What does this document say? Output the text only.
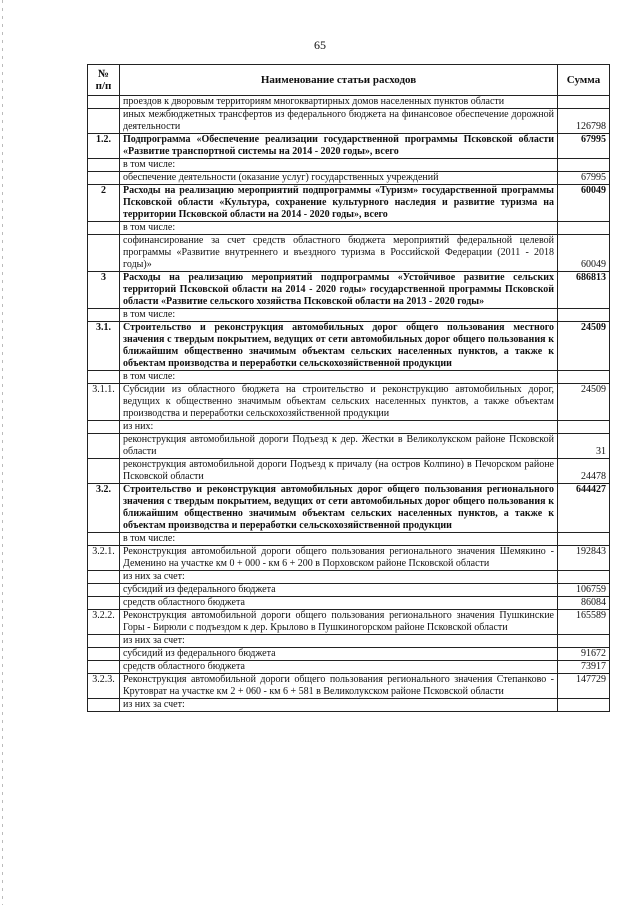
65
№
п/п	Наименование статьи расходов	Сумма
	проездов к дворовым территориям многоквартирных домов населенных пунктов области	
	иных межбюджетных трансфертов из федерального бюджета на финансовое обеспечение дорожной деятельности	126798
1.2.	Подпрограмма «Обеспечение реализации государственной программы Псковской области «Развитие транспортной системы на 2014 - 2020 годы», всего	67995
	в том числе:	
	обеспечение деятельности (оказание услуг) государственных учреждений	67995
2	Расходы на реализацию мероприятий подпрограммы «Туризм» государственной программы Псковской области «Культура, сохранение культурного наследия и развитие туризма на территории Псковской области на 2014 - 2020 годы», всего	60049
	в том числе:	
	софинансирование за счет средств областного бюджета мероприятий федеральной целевой программы «Развитие внутреннего и въездного туризма в Российской Федерации (2011 - 2018 годы)»	60049
3	Расходы на реализацию мероприятий подпрограммы «Устойчивое развитие сельских территорий Псковской области на 2014 - 2020 годы» государственной программы Псковской области «Развитие сельского хозяйства Псковской области на 2013 - 2020 годы»	686813
	в том числе:	
3.1.	Строительство и реконструкция автомобильных дорог общего пользования местного значения с твердым покрытием, ведущих от сети автомобильных дорог общего пользования к ближайшим общественно значимым объектам сельских населенных пунктов, а также к объектам производства и переработки сельскохозяйственной продукции	24509
	в том числе:	
3.1.1.	Субсидии из областного бюджета на строительство и реконструкцию автомобильных дорог, ведущих к общественно значимым объектам сельских населенных пунктов, а также объектам производства и переработки сельскохозяйственной продукции	24509
	из них:	
	реконструкция автомобильной дороги Подъезд к дер. Жестки в Великолукском районе Псковской области	31
	реконструкция автомобильной дороги Подъезд к причалу (на остров Колпино) в Печорском районе Псковской области	24478
3.2.	Строительство и реконструкция автомобильных дорог общего пользования регионального значения с твердым покрытием, ведущих от сети автомобильных дорог общего пользования к ближайшим общественно значимым объектам сельских населенных пунктов, а также к объектам производства и переработки сельскохозяйственной продукции	644427
	в том числе:	
3.2.1.	Реконструкция автомобильной дороги общего пользования регионального значения Шемякино - Деменино на участке км 0 + 000 - км 6 + 200 в Порховском районе Псковской области	192843
	из них за счет:	
	субсидий из федерального бюджета	106759
	средств областного бюджета	86084
3.2.2.	Реконструкция автомобильной дороги общего пользования регионального значения Пушкинские Горы - Бирюли с подъездом к дер. Крылово в Пушкиногорском районе Псковской области	165589
	из них за счет:	
	субсидий из федерального бюджета	91672
	средств областного бюджета	73917
3.2.3.	Реконструкция автомобильной дороги общего пользования регионального значения Степанково - Крутоврат на участке км 2 + 060 - км 6 + 581 в Великолукском районе Псковской области	147729
	из них за счет:	
